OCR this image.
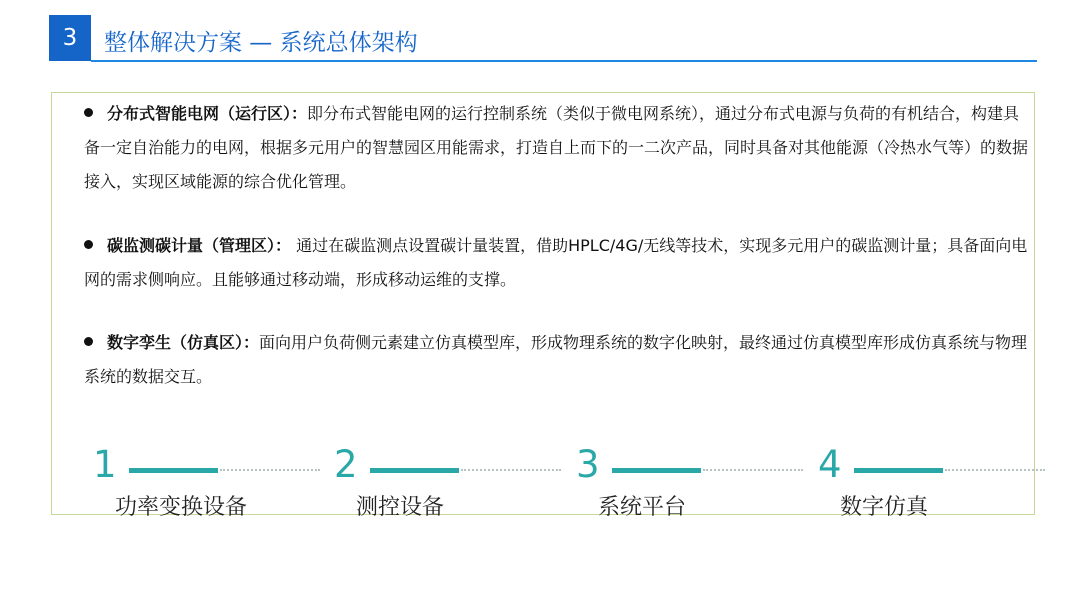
3	整体解决方案 — 系统总体架构
分布式智能电网（运行区）：即分布式智能电网的运行控制系统（类似于微电网系统），通过分布式电源与负荷的有机结合，构建具备一定自治能力的电网，根据多元用户的智慧园区用能需求，打造自上而下的一二次产品，同时具备对其他能源（冷热水气等）的数据接入，实现区域能源的综合优化管理。
碳监测碳计量（管理区）： 通过在碳监测点设置碳计量装置，借助HPLC/4G/无线等技术，实现多元用户的碳监测计量；具备面向电网的需求侧响应。且能够通过移动端，形成移动运维的支撑。
数字孪生（仿真区）：面向用户负荷侧元素建立仿真模型库，形成物理系统的数字化映射，最终通过仿真模型库形成仿真系统与物理系统的数据交互。
1
功率变换设备
2
测控设备
3
系统平台
4
数字仿真
